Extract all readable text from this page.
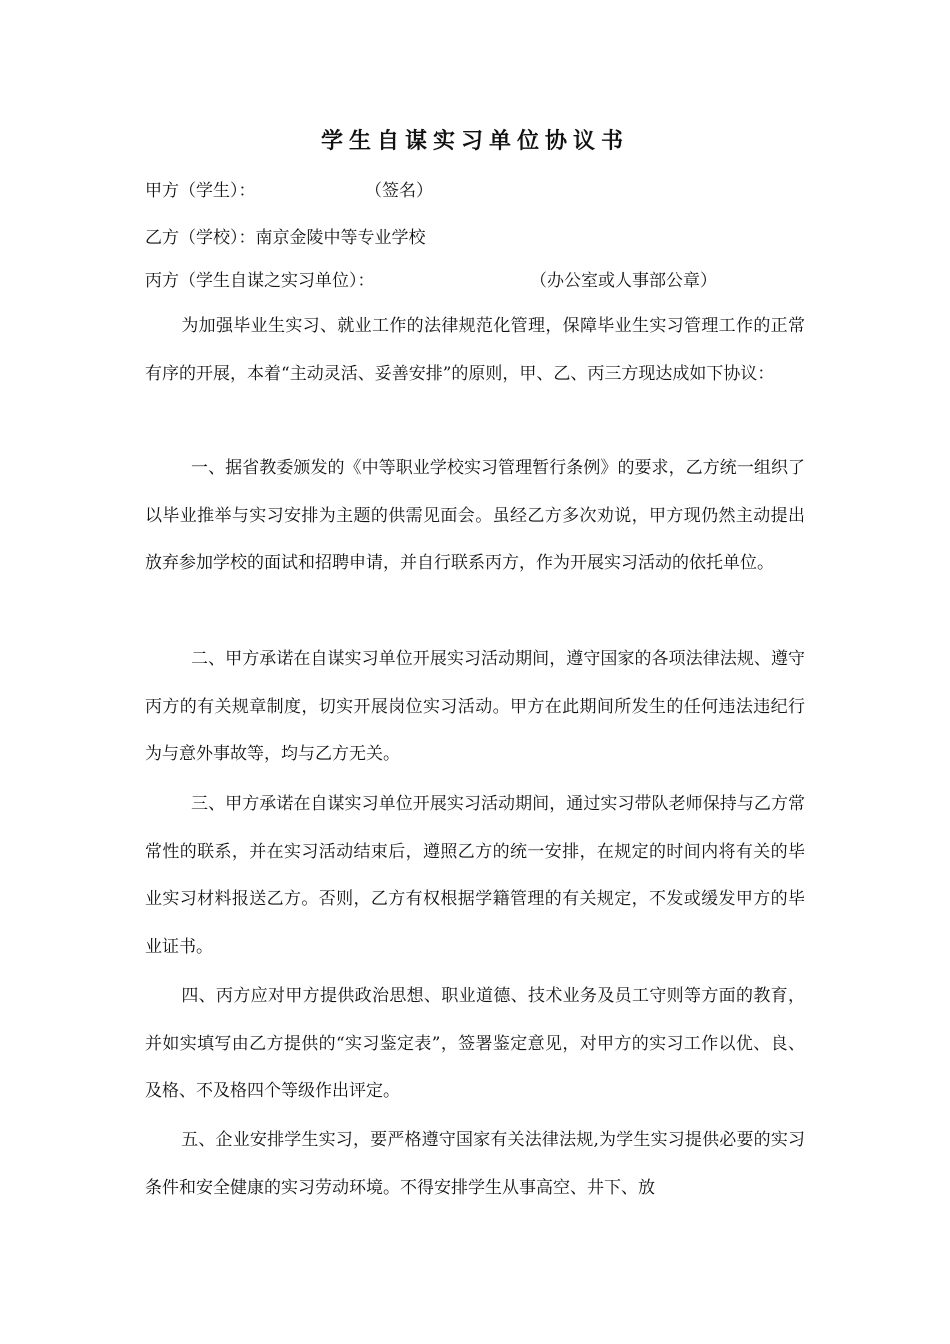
学生自谋实习单位协议书
甲方（学生）：	（签名）
乙方（学校）：南京金陵中等专业学校
丙方（学生自谋之实习单位）：	（办公室或人事部公章）
为加强毕业生实习、就业工作的法律规范化管理，保障毕业生实习管理工作的正常有序的开展，本着“主动灵活、妥善安排”的原则，甲、乙、丙三方现达成如下协议：
一、据省教委颁发的《中等职业学校实习管理暂行条例》的要求，乙方统一组织了以毕业推举与实习安排为主题的供需见面会。虽经乙方多次劝说，甲方现仍然主动提出放弃参加学校的面试和招聘申请，并自行联系丙方，作为开展实习活动的依托单位。
二、甲方承诺在自谋实习单位开展实习活动期间，遵守国家的各项法律法规、遵守丙方的有关规章制度，切实开展岗位实习活动。甲方在此期间所发生的任何违法违纪行为与意外事故等，均与乙方无关。
三、甲方承诺在自谋实习单位开展实习活动期间，通过实习带队老师保持与乙方常常性的联系，并在实习活动结束后，遵照乙方的统一安排，在规定的时间内将有关的毕业实习材料报送乙方。否则，乙方有权根据学籍管理的有关规定，不发或缓发甲方的毕业证书。
四、丙方应对甲方提供政治思想、职业道德、技术业务及员工守则等方面的教育，并如实填写由乙方提供的“实习鉴定表”，签署鉴定意见，对甲方的实习工作以优、良、及格、不及格四个等级作出评定。
五、企业安排学生实习，要严格遵守国家有关法律法规,为学生实习提供必要的实习条件和安全健康的实习劳动环境。不得安排学生从事高空、井下、放
